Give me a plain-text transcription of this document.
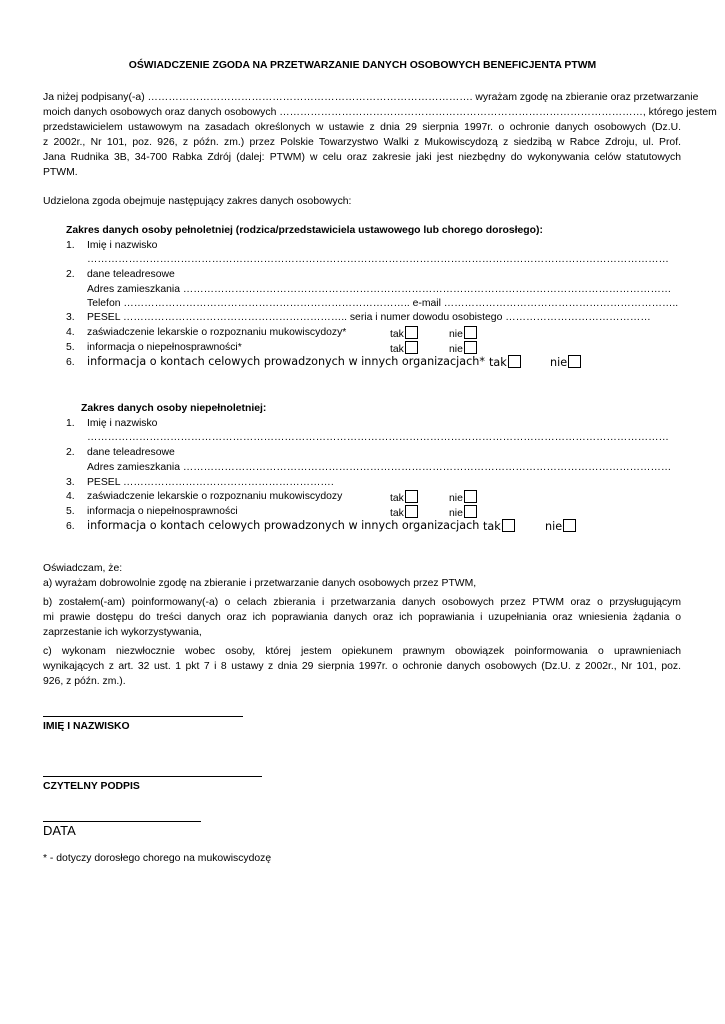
OŚWIADCZENIE ZGODA NA PRZETWARZANIE DANYCH OSOBOWYCH BENEFICJENTA PTWM
Ja niżej podpisany(-a) …………………………………………………………………………………. wyrażam zgodę na zbieranie oraz przetwarzanie
moich danych osobowych oraz danych osobowych ……………………………………………………………………………………………, którego jestem
przedstawicielem ustawowym na zasadach określonych w ustawie z dnia 29 sierpnia 1997r. o ochronie danych osobowych (Dz.U.
z 2002r., Nr 101, poz. 926, z późn. zm.) przez Polskie Towarzystwo Walki z Mukowiscydozą z siedzibą w Rabce Zdroju, ul. Prof.
Jana Rudnika 3B, 34-700 Rabka Zdrój (dalej: PTWM) w celu oraz zakresie jaki jest niezbędny do wykonywania celów statutowych
PTWM.
Udzielona zgoda obejmuje następujący zakres danych osobowych:
Zakres danych osoby pełnoletniej (rodzica/przedstawiciela ustawowego lub chorego dorosłego):
1. Imię i nazwisko
……………………………………………………………………………………………………………………………………………………
2. dane teleadresowe
Adres zamieszkania ……………………………………………………………………………………………………………………………
Telefon ……………………………………………………………………….. e-mail …………………………………………………………..
3. PESEL ……………………………………………………….. seria i numer dowodu osobistego ……………………………………
4. zaświadczenie lekarskie o rozpoznaniu mukowiscydozy*	tak	nie
5. informacja o niepełnosprawności*	tak	nie
6. informacja o kontach celowych prowadzonych w innych organizacjach* tak	nie
Zakres danych osoby niepełnoletniej:
1. Imię i nazwisko
……………………………………………………………………………………………………………………………………………………
2. dane teleadresowe
Adres zamieszkania ……………………………………………………………………………………………………………………………
3. PESEL …………………………………………………….
4. zaświadczenie lekarskie o rozpoznaniu mukowiscydozy	tak	nie
5. informacja o niepełnosprawności	tak	nie
6. informacja o kontach celowych prowadzonych w innych organizacjach tak	nie
Oświadczam, że:
a) wyrażam dobrowolnie zgodę na zbieranie i przetwarzanie danych osobowych przez PTWM,
b) zostałem(-am) poinformowany(-a) o celach zbierania i przetwarzania danych osobowych przez PTWM oraz o przysługującym
mi prawie dostępu do treści danych oraz ich poprawiania danych oraz ich poprawiania i uzupełniania oraz wniesienia żądania o
zaprzestanie ich wykorzystywania,
c) wykonam niezwłocznie wobec osoby, której jestem opiekunem prawnym obowiązek poinformowania o uprawnieniach
wynikających z art. 32 ust. 1 pkt 7 i 8 ustawy z dnia 29 sierpnia 1997r. o ochronie danych osobowych (Dz.U. z 2002r., Nr 101, poz.
926, z późn. zm.).
IMIĘ I NAZWISKO
CZYTELNY PODPIS
DATA
* - dotyczy dorosłego chorego na mukowiscydozę
